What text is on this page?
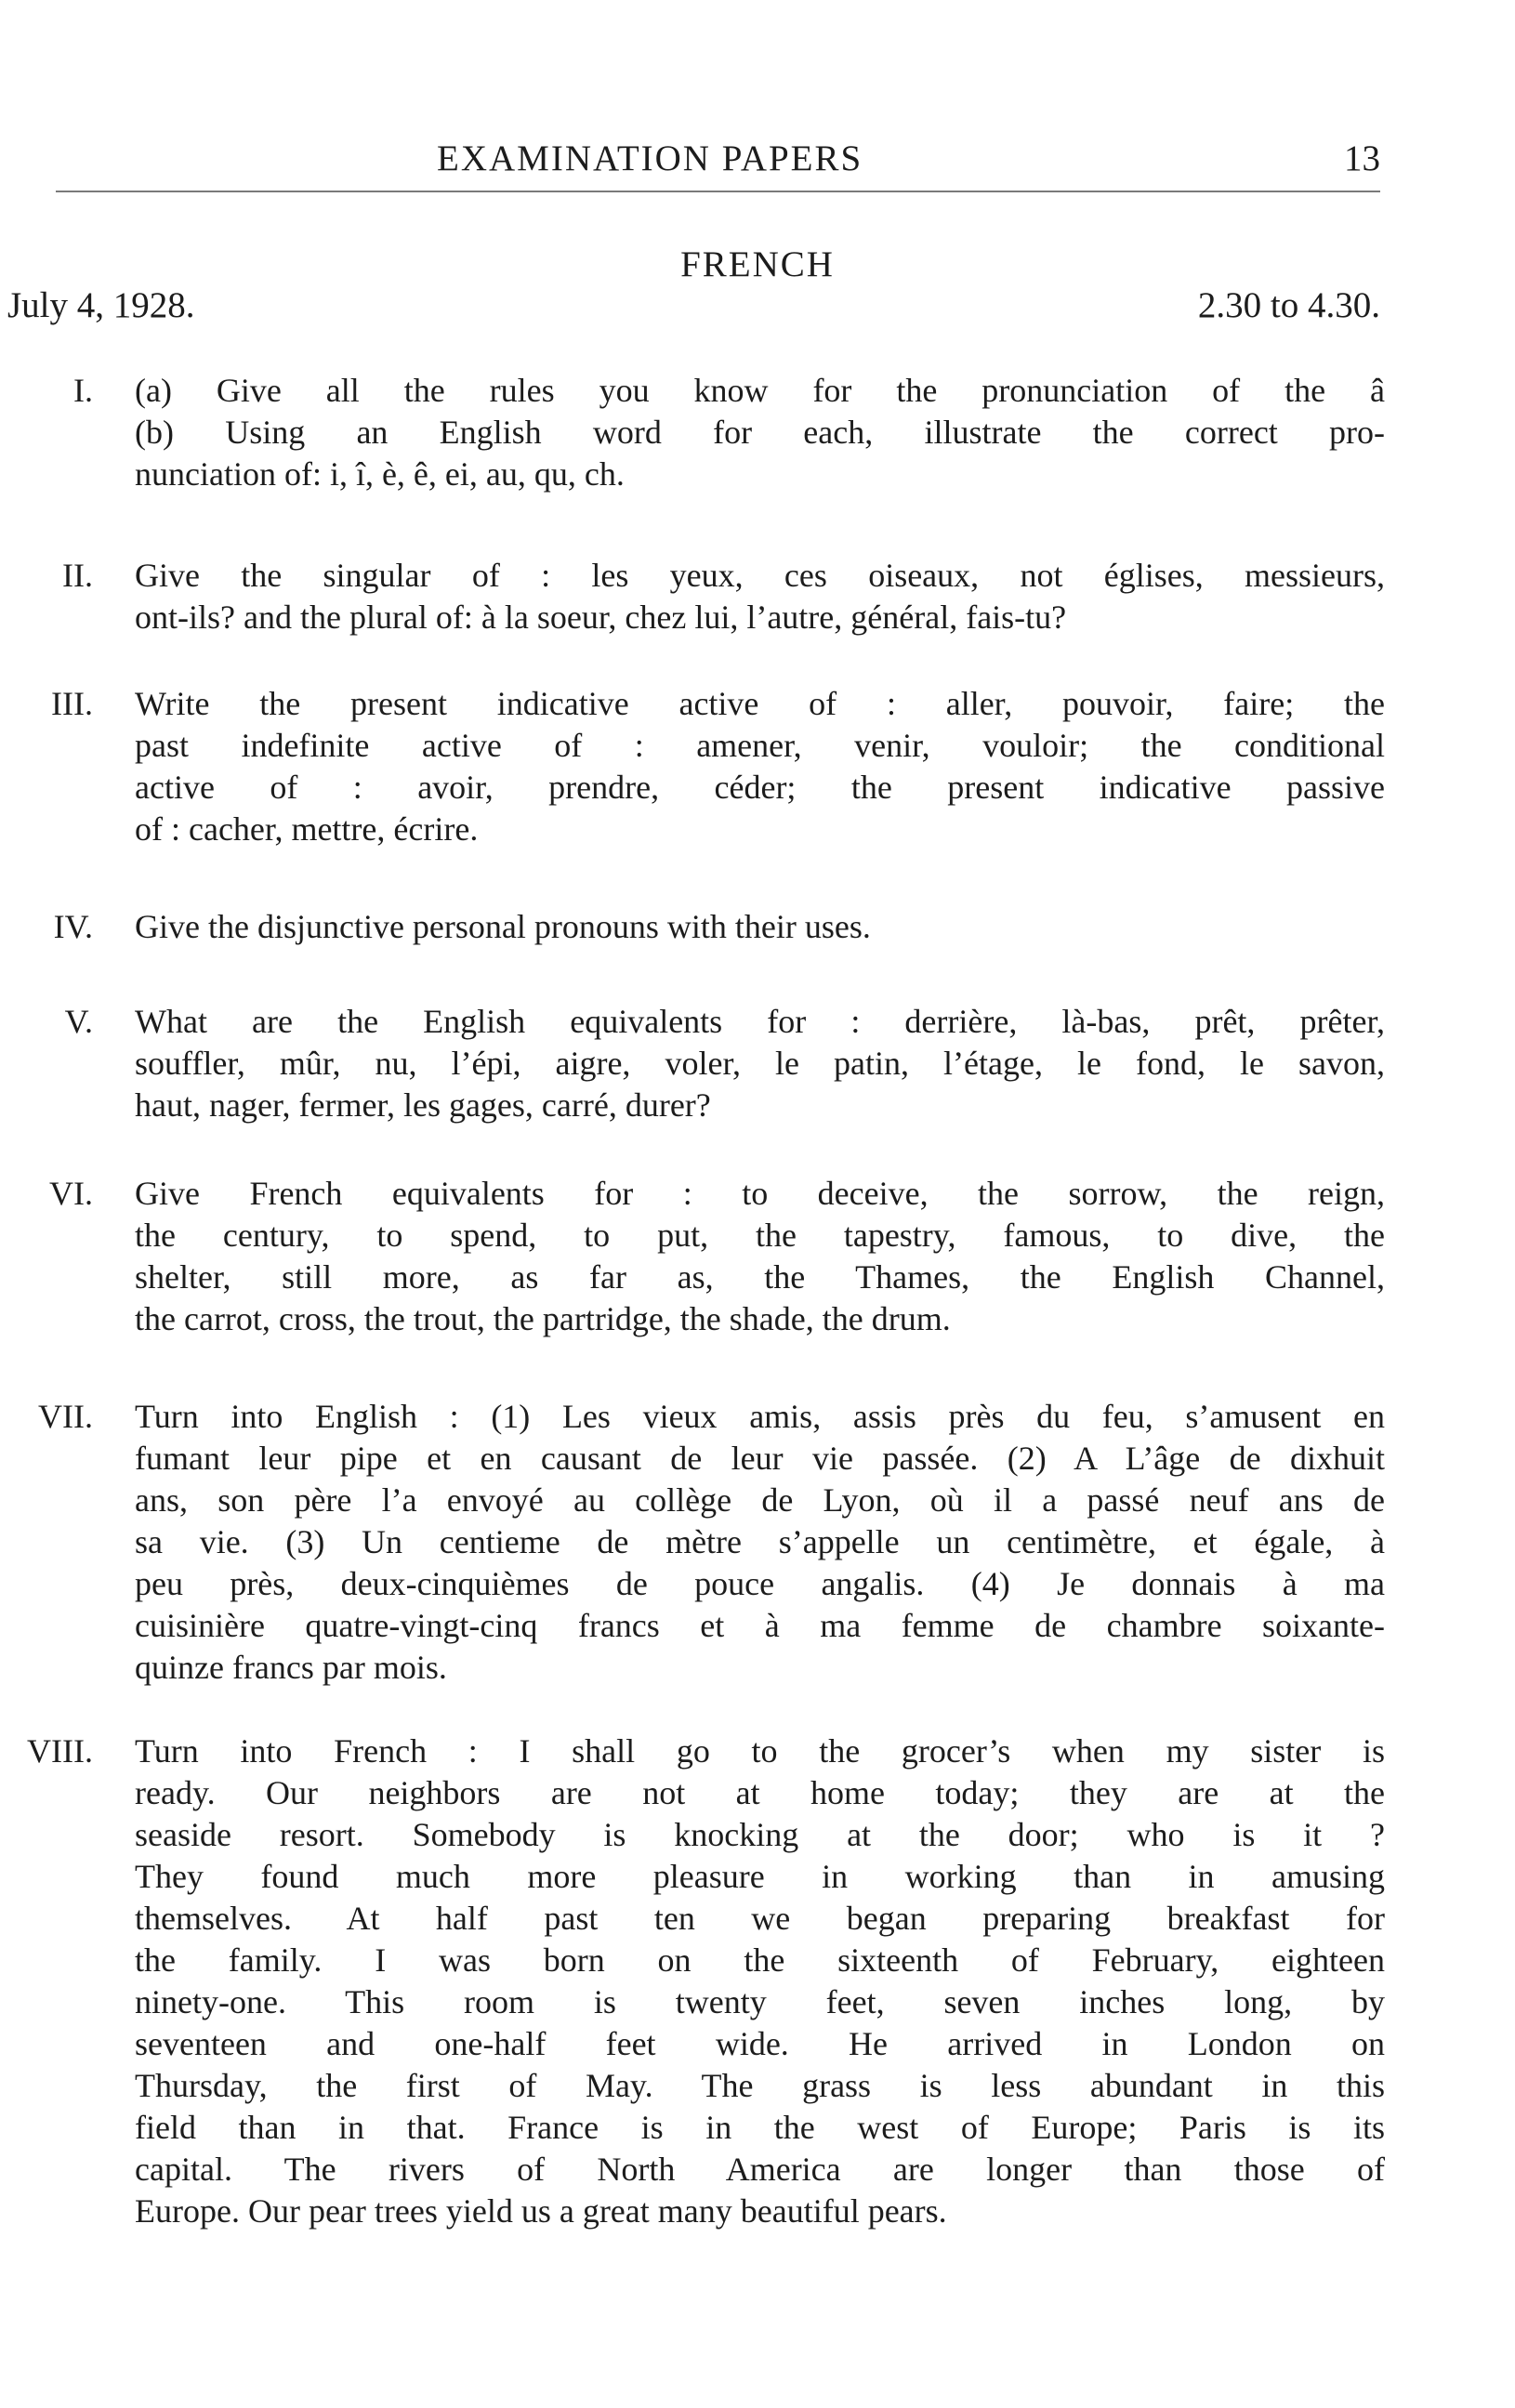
EXAMINATION PAPERS	13
FRENCH
July 4, 1928.	2.30 to 4.30.
I. (a) Give all the rules you know for the pronunciation of the â
(b) Using an English word for each, illustrate the correct pro-
nunciation of: i, î, è, ê, ei, au, qu, ch.
II. Give the singular of : les yeux, ces oiseaux, not églises, messieurs,
ont-ils? and the plural of: à la soeur, chez lui, l’autre, général, fais-tu?
III. Write the present indicative active of : aller, pouvoir, faire; the
past indefinite active of : amener, venir, vouloir; the conditional
active of : avoir, prendre, céder; the present indicative passive
of : cacher, mettre, écrire.
IV. Give the disjunctive personal pronouns with their uses.
V. What are the English equivalents for : derrière, là-bas, prêt, prêter,
souffler, mûr, nu, l’épi, aigre, voler, le patin, l’étage, le fond, le savon,
haut, nager, fermer, les gages, carré, durer?
VI. Give French equivalents for : to deceive, the sorrow, the reign,
the century, to spend, to put, the tapestry, famous, to dive, the
shelter, still more, as far as, the Thames, the English Channel,
the carrot, cross, the trout, the partridge, the shade, the drum.
VII. Turn into English : (1) Les vieux amis, assis près du feu, s’amusent en
fumant leur pipe et en causant de leur vie passée. (2) A L’âge de dixhuit
ans, son père l’a envoyé au collège de Lyon, où il a passé neuf ans de
sa vie. (3) Un centieme de mètre s’appelle un centimètre, et égale, à
peu près, deux-cinquièmes de pouce angalis. (4) Je donnais à ma
cuisinière quatre-vingt-cinq francs et à ma femme de chambre soixante-
quinze francs par mois.
VIII. Turn into French : I shall go to the grocer’s when my sister is
ready. Our neighbors are not at home today; they are at the
seaside resort. Somebody is knocking at the door; who is it ?
They found much more pleasure in working than in amusing
themselves. At half past ten we began preparing breakfast for
the family. I was born on the sixteenth of February, eighteen
ninety-one. This room is twenty feet, seven inches long, by
seventeen and one-half feet wide. He arrived in London on
Thursday, the first of May. The grass is less abundant in this
field than in that. France is in the west of Europe; Paris is its
capital. The rivers of North America are longer than those of
Europe. Our pear trees yield us a great many beautiful pears.
